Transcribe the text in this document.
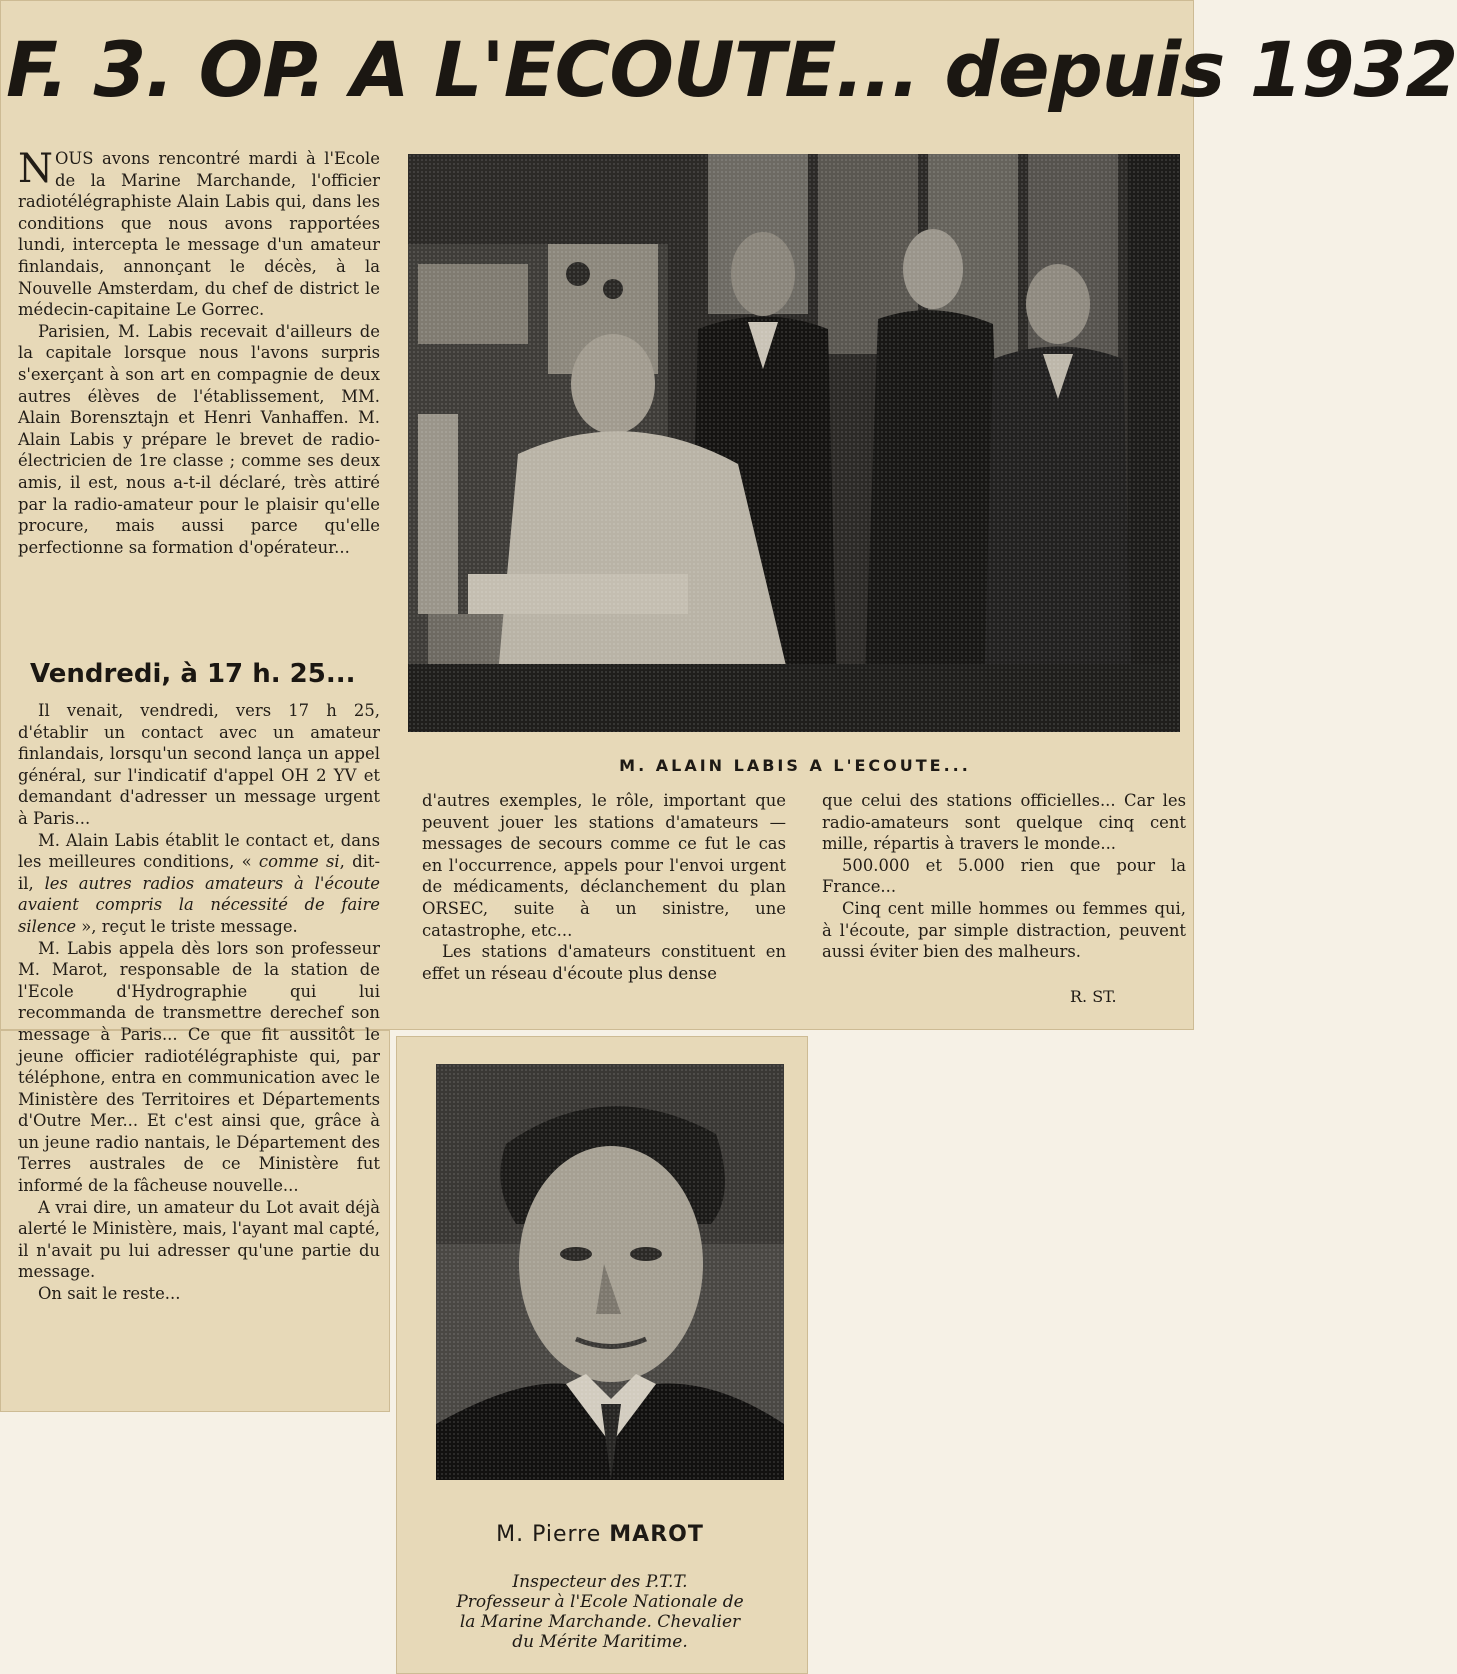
F. 3. OP. A L'ECOUTE... depuis 1932

NOUS avons rencontré mardi à l'Ecole de la Marine Marchande, l'officier radiotélégraphiste Alain Labis qui, dans les conditions que nous avons rapportées lundi, intercepta le message d'un amateur finlandais, annonçant le décès, à la Nouvelle Amsterdam, du chef de district le médecin-capitaine Le Gorrec.

Parisien, M. Labis recevait d'ailleurs de la capitale lorsque nous l'avons surpris s'exerçant à son art en compagnie de deux autres élèves de l'établissement, MM. Alain Borensztajn et Henri Vanhaffen. M. Alain Labis y prépare le brevet de radio-électricien de 1re classe ; comme ses deux amis, il est, nous a-t-il déclaré, très attiré par la radio-amateur pour le plaisir qu'elle procure, mais aussi parce qu'elle perfectionne sa formation d'opérateur...

Vendredi, à 17 h. 25...

Il venait, vendredi, vers 17 h 25, d'établir un contact avec un amateur finlandais, lorsqu'un second lança un appel général, sur l'indicatif d'appel OH 2 YV et demandant d'adresser un message urgent à Paris...

M. Alain Labis établit le contact et, dans les meilleures conditions, « comme si, dit-il, les autres radios amateurs à l'écoute avaient compris la nécessité de faire silence », reçut le triste message.

M. Labis appela dès lors son professeur M. Marot, responsable de la station de l'Ecole d'Hydrographie qui lui recommanda de transmettre derechef son message à Paris... Ce que fit aussitôt le jeune officier radiotélégraphiste qui, par téléphone, entra en communication avec le Ministère des Territoires et Départements d'Outre Mer... Et c'est ainsi que, grâce à un jeune radio nantais, le Département des Terres australes de ce Ministère fut informé de la fâcheuse nouvelle...

A vrai dire, un amateur du Lot avait déjà alerté le Ministère, mais, l'ayant mal capté, il n'avait pu lui adresser qu'une partie du message.

On sait le reste...

M. ALAIN LABIS A L'ECOUTE...

d'autres exemples, le rôle, important que peuvent jouer les stations d'amateurs — messages de secours comme ce fut le cas en l'occurrence, appels pour l'envoi urgent de médicaments, déclanchement du plan ORSEC, suite à un sinistre, une catastrophe, etc...

Les stations d'amateurs constituent en effet un réseau d'écoute plus dense

que celui des stations officielles... Car les radio-amateurs sont quelque cinq cent mille, répartis à travers le monde...

500.000 et 5.000 rien que pour la France...

Cinq cent mille hommes ou femmes qui, à l'écoute, par simple distraction, peuvent aussi éviter bien des malheurs.

R. ST.
M. Pierre MAROT
Inspecteur des P.T.T.
Professeur à l'Ecole Nationale de
la Marine Marchande. Chevalier
du Mérite Maritime.
